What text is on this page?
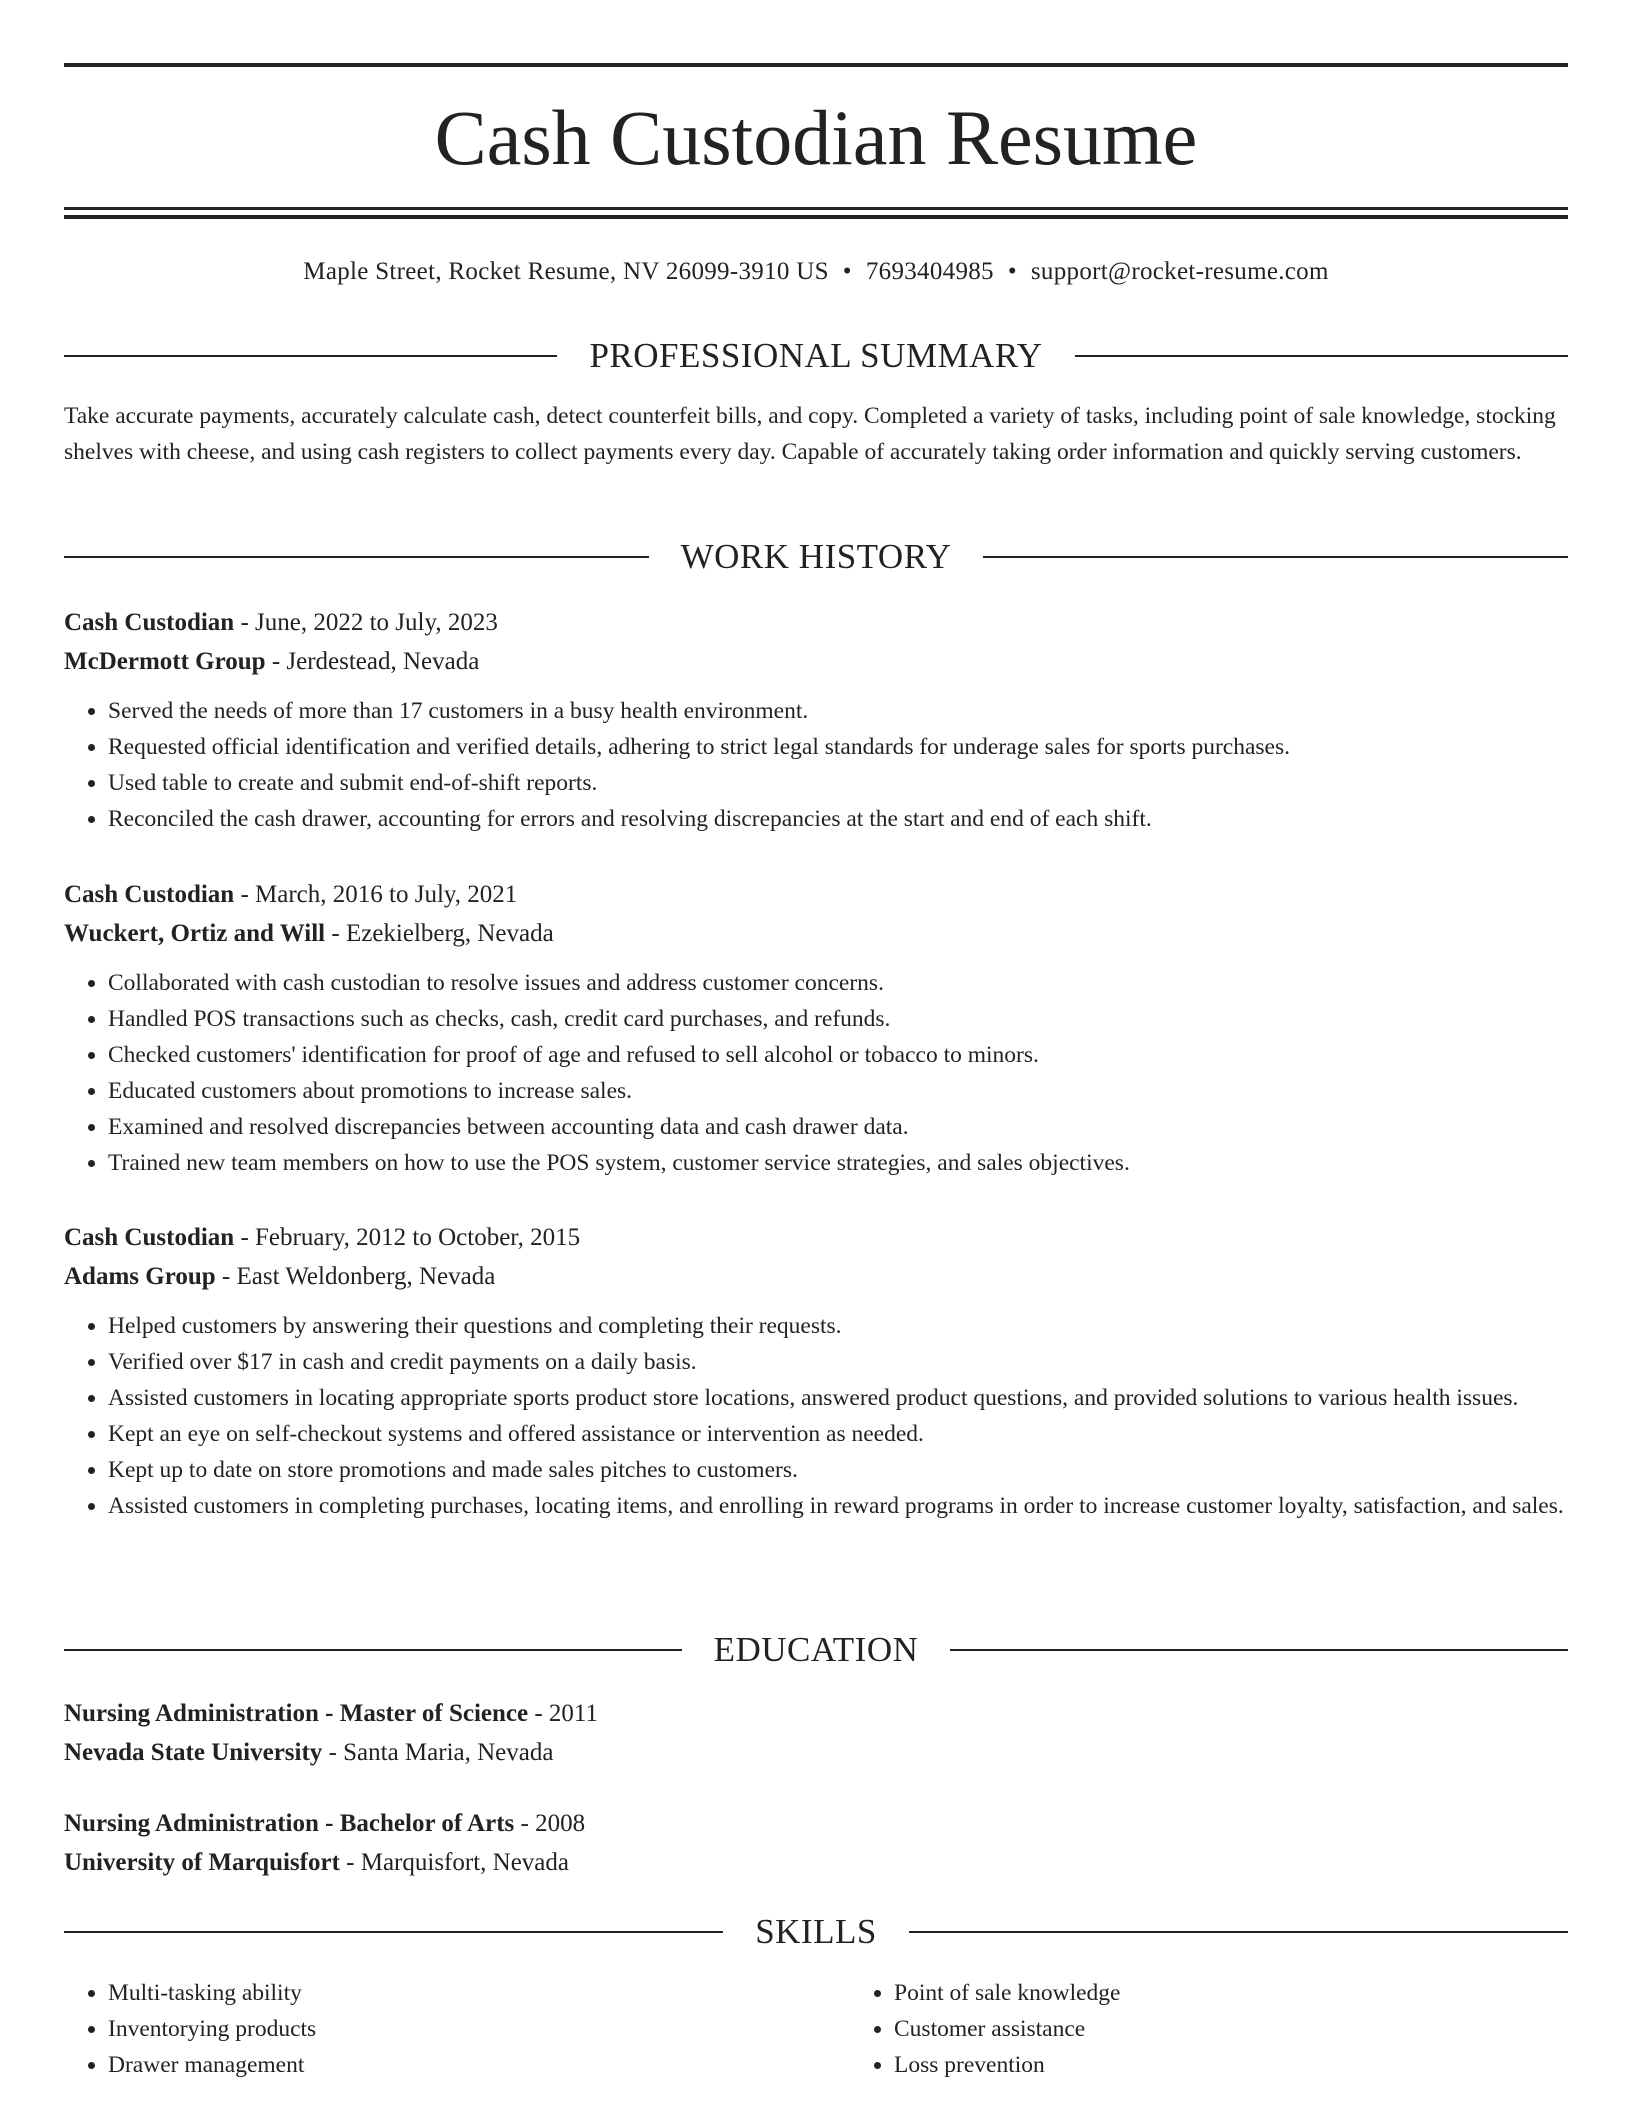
Cash Custodian Resume
Maple Street, Rocket Resume, NV 26099-3910 US • 7693404985 • support@rocket-resume.com
PROFESSIONAL SUMMARY

Take accurate payments, accurately calculate cash, detect counterfeit bills, and copy. Completed a variety of tasks, including point of sale knowledge, stocking shelves with cheese, and using cash registers to collect payments every day. Capable of accurately taking order information and quickly serving customers.

WORK HISTORY
Cash Custodian - June, 2022 to July, 2023
McDermott Group - Jerdestead, Nevada
• Served the needs of more than 17 customers in a busy health environment.
• Requested official identification and verified details, adhering to strict legal standards for underage sales for sports purchases.
• Used table to create and submit end-of-shift reports.
• Reconciled the cash drawer, accounting for errors and resolving discrepancies at the start and end of each shift.
Cash Custodian - March, 2016 to July, 2021
Wuckert, Ortiz and Will - Ezekielberg, Nevada
• Collaborated with cash custodian to resolve issues and address customer concerns.
• Handled POS transactions such as checks, cash, credit card purchases, and refunds.
• Checked customers' identification for proof of age and refused to sell alcohol or tobacco to minors.
• Educated customers about promotions to increase sales.
• Examined and resolved discrepancies between accounting data and cash drawer data.
• Trained new team members on how to use the POS system, customer service strategies, and sales objectives.
Cash Custodian - February, 2012 to October, 2015
Adams Group - East Weldonberg, Nevada
• Helped customers by answering their questions and completing their requests.
• Verified over $17 in cash and credit payments on a daily basis.
• Assisted customers in locating appropriate sports product store locations, answered product questions, and provided solutions to various health issues.
• Kept an eye on self-checkout systems and offered assistance or intervention as needed.
• Kept up to date on store promotions and made sales pitches to customers.
• Assisted customers in completing purchases, locating items, and enrolling in reward programs in order to increase customer loyalty, satisfaction, and sales.
EDUCATION
Nursing Administration - Master of Science - 2011
Nevada State University - Santa Maria, Nevada
Nursing Administration - Bachelor of Arts - 2008
University of Marquisfort - Marquisfort, Nevada
SKILLS
• Multi-tasking ability
• Inventorying products
• Drawer management
• Point of sale knowledge
• Customer assistance
• Loss prevention
